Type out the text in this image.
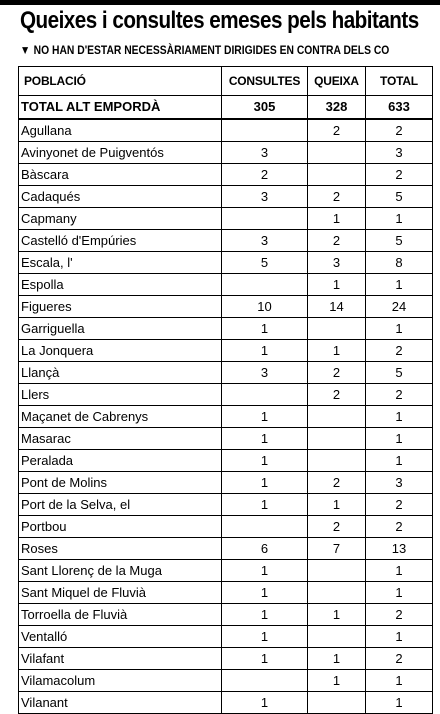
Queixes i consultes emeses pels habitants
▼ NO HAN D'ESTAR NECESSÀRIAMENT DIRIGIDES EN CONTRA DELS CO
POBLACIÓ	CONSULTES	QUEIXA	TOTAL
TOTAL ALT EMPORDÀ	305	328	633
Agullana		2	2
Avinyonet de Puigventós	3		3
Bàscara	2		2
Cadaqués	3	2	5
Capmany		1	1
Castelló d'Empúries	3	2	5
Escala, l'	5	3	8
Espolla		1	1
Figueres	10	14	24
Garriguella	1		1
La Jonquera	1	1	2
Llançà	3	2	5
Llers		2	2
Maçanet de Cabrenys	1		1
Masarac	1		1
Peralada	1		1
Pont de Molins	1	2	3
Port de la Selva, el	1	1	2
Portbou		2	2
Roses	6	7	13
Sant Llorenç de la Muga	1		1
Sant Miquel de Fluvià	1		1
Torroella de Fluvià	1	1	2
Ventalló	1		1
Vilafant	1	1	2
Vilamacolum		1	1
Vilanant	1		1
